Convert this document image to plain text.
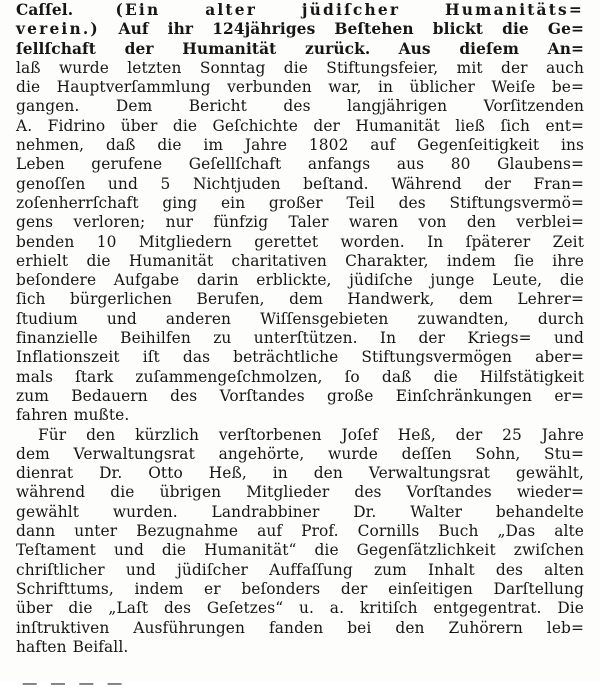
Caſſel.	(Ein alter jüdiſcher Humanitäts=
verein.) Auf ihr 124jähriges Beſtehen blickt die Ge=
ſellſchaft der Humanität zurück. Aus dieſem An=
laß wurde letzten Sonntag die Stiftungsfeier, mit der auch
die Hauptverſammlung verbunden war, in üblicher Weiſe be=
gangen. Dem Bericht des langjährigen Vorſitzenden
A. Fidrino über die Geſchichte der Humanität ließ ſich ent=
nehmen, daß die im Jahre 1802 auf Gegenſeitigkeit ins
Leben gerufene Geſellſchaft anfangs aus 80 Glaubens=
genoſſen und 5 Nichtjuden beſtand. Während der Fran=
zoſenherrſchaft ging ein großer Teil des Stiftungsvermö=
gens verloren; nur fünfzig Taler waren von den verblei=
benden 10 Mitgliedern gerettet worden. In ſpäterer Zeit
erhielt die Humanität charitativen Charakter, indem ſie ihre
beſondere Aufgabe darin erblickte, jüdiſche junge Leute, die
ſich bürgerlichen Berufen, dem Handwerk, dem Lehrer=
ſtudium und anderen Wiſſensgebieten zuwandten, durch
finanzielle Beihilfen zu unterſtützen. In der Kriegs= und
Inflationszeit iſt das beträchtliche Stiftungsvermögen aber=
mals ſtark zuſammengeſchmolzen, ſo daß die Hilfstätigkeit
zum Bedauern des Vorſtandes große Einſchränkungen er=
fahren mußte.
Für den kürzlich verſtorbenen Joſef Heß, der 25 Jahre
dem Verwaltungsrat angehörte, wurde deſſen Sohn, Stu=
dienrat Dr. Otto Heß, in den Verwaltungsrat gewählt,
während die übrigen Mitglieder des Vorſtandes wieder=
gewählt wurden. Landrabbiner Dr. Walter behandelte
dann unter Bezugnahme auf Prof. Cornills Buch „Das alte
Teſtament und die Humanität“ die Gegenſätzlichkeit zwiſchen
chriſtlicher und jüdiſcher Auffaſſung zum Inhalt des alten
Schrifttums, indem er beſonders der einſeitigen Darſtellung
über die „Laſt des Geſetzes“ u. a. kritiſch entgegentrat. Die
inſtruktiven Ausführungen fanden bei den Zuhörern leb=
haften Beifall.
— — — —
